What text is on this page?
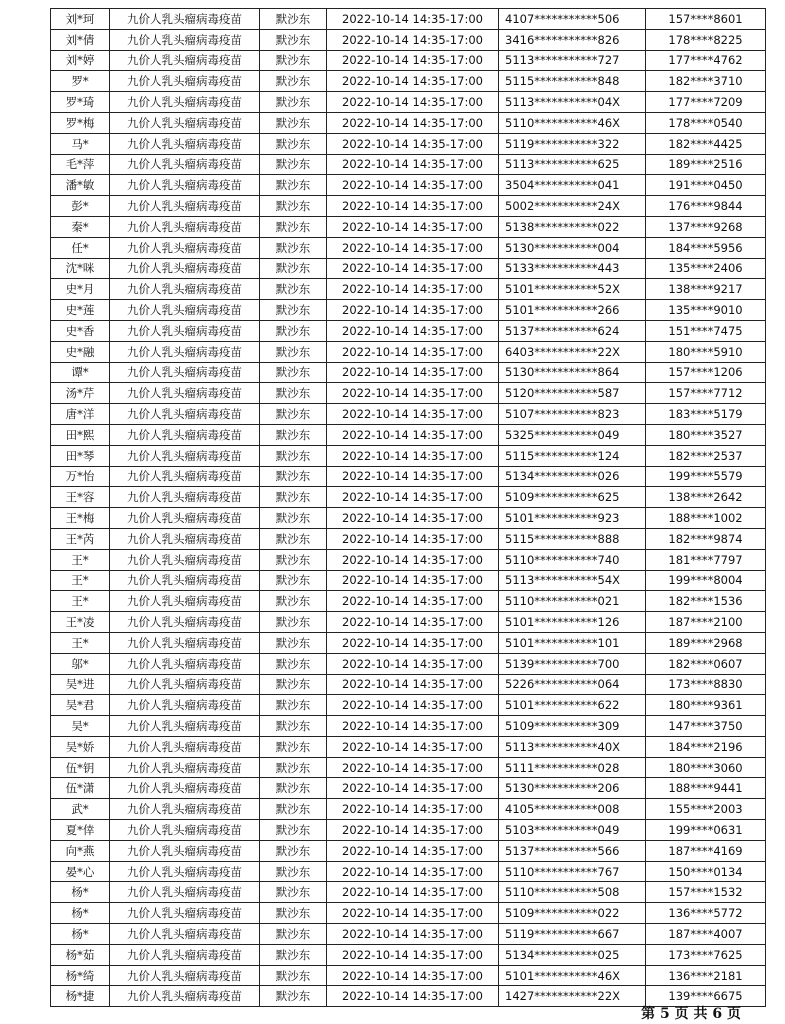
刘*珂	九价人乳头瘤病毒疫苗	默沙东	2022-10-14 14:35-17:00	4107***********506	157****8601
刘*倩	九价人乳头瘤病毒疫苗	默沙东	2022-10-14 14:35-17:00	3416***********826	178****8225
刘*婷	九价人乳头瘤病毒疫苗	默沙东	2022-10-14 14:35-17:00	5113***********727	177****4762
罗*	九价人乳头瘤病毒疫苗	默沙东	2022-10-14 14:35-17:00	5115***********848	182****3710
罗*琦	九价人乳头瘤病毒疫苗	默沙东	2022-10-14 14:35-17:00	5113***********04X	177****7209
罗*梅	九价人乳头瘤病毒疫苗	默沙东	2022-10-14 14:35-17:00	5110***********46X	178****0540
马*	九价人乳头瘤病毒疫苗	默沙东	2022-10-14 14:35-17:00	5119***********322	182****4425
毛*萍	九价人乳头瘤病毒疫苗	默沙东	2022-10-14 14:35-17:00	5113***********625	189****2516
潘*敏	九价人乳头瘤病毒疫苗	默沙东	2022-10-14 14:35-17:00	3504***********041	191****0450
彭*	九价人乳头瘤病毒疫苗	默沙东	2022-10-14 14:35-17:00	5002***********24X	176****9844
秦*	九价人乳头瘤病毒疫苗	默沙东	2022-10-14 14:35-17:00	5138***********022	137****9268
任*	九价人乳头瘤病毒疫苗	默沙东	2022-10-14 14:35-17:00	5130***********004	184****5956
沈*咪	九价人乳头瘤病毒疫苗	默沙东	2022-10-14 14:35-17:00	5133***********443	135****2406
史*月	九价人乳头瘤病毒疫苗	默沙东	2022-10-14 14:35-17:00	5101***********52X	138****9217
史*莲	九价人乳头瘤病毒疫苗	默沙东	2022-10-14 14:35-17:00	5101***********266	135****9010
史*香	九价人乳头瘤病毒疫苗	默沙东	2022-10-14 14:35-17:00	5137***********624	151****7475
史*融	九价人乳头瘤病毒疫苗	默沙东	2022-10-14 14:35-17:00	6403***********22X	180****5910
谭*	九价人乳头瘤病毒疫苗	默沙东	2022-10-14 14:35-17:00	5130***********864	157****1206
汤*芹	九价人乳头瘤病毒疫苗	默沙东	2022-10-14 14:35-17:00	5120***********587	157****7712
唐*洋	九价人乳头瘤病毒疫苗	默沙东	2022-10-14 14:35-17:00	5107***********823	183****5179
田*熙	九价人乳头瘤病毒疫苗	默沙东	2022-10-14 14:35-17:00	5325***********049	180****3527
田*琴	九价人乳头瘤病毒疫苗	默沙东	2022-10-14 14:35-17:00	5115***********124	182****2537
万*怡	九价人乳头瘤病毒疫苗	默沙东	2022-10-14 14:35-17:00	5134***********026	199****5579
王*容	九价人乳头瘤病毒疫苗	默沙东	2022-10-14 14:35-17:00	5109***********625	138****2642
王*梅	九价人乳头瘤病毒疫苗	默沙东	2022-10-14 14:35-17:00	5101***********923	188****1002
王*芮	九价人乳头瘤病毒疫苗	默沙东	2022-10-14 14:35-17:00	5115***********888	182****9874
王*	九价人乳头瘤病毒疫苗	默沙东	2022-10-14 14:35-17:00	5110***********740	181****7797
王*	九价人乳头瘤病毒疫苗	默沙东	2022-10-14 14:35-17:00	5113***********54X	199****8004
王*	九价人乳头瘤病毒疫苗	默沙东	2022-10-14 14:35-17:00	5110***********021	182****1536
王*凌	九价人乳头瘤病毒疫苗	默沙东	2022-10-14 14:35-17:00	5101***********126	187****2100
王*	九价人乳头瘤病毒疫苗	默沙东	2022-10-14 14:35-17:00	5101***********101	189****2968
邬*	九价人乳头瘤病毒疫苗	默沙东	2022-10-14 14:35-17:00	5139***********700	182****0607
吴*进	九价人乳头瘤病毒疫苗	默沙东	2022-10-14 14:35-17:00	5226***********064	173****8830
吴*君	九价人乳头瘤病毒疫苗	默沙东	2022-10-14 14:35-17:00	5101***********622	180****9361
吴*	九价人乳头瘤病毒疫苗	默沙东	2022-10-14 14:35-17:00	5109***********309	147****3750
吴*娇	九价人乳头瘤病毒疫苗	默沙东	2022-10-14 14:35-17:00	5113***********40X	184****2196
伍*钥	九价人乳头瘤病毒疫苗	默沙东	2022-10-14 14:35-17:00	5111***********028	180****3060
伍*潇	九价人乳头瘤病毒疫苗	默沙东	2022-10-14 14:35-17:00	5130***********206	188****9441
武*	九价人乳头瘤病毒疫苗	默沙东	2022-10-14 14:35-17:00	4105***********008	155****2003
夏*倖	九价人乳头瘤病毒疫苗	默沙东	2022-10-14 14:35-17:00	5103***********049	199****0631
向*燕	九价人乳头瘤病毒疫苗	默沙东	2022-10-14 14:35-17:00	5137***********566	187****4169
晏*心	九价人乳头瘤病毒疫苗	默沙东	2022-10-14 14:35-17:00	5110***********767	150****0134
杨*	九价人乳头瘤病毒疫苗	默沙东	2022-10-14 14:35-17:00	5110***********508	157****1532
杨*	九价人乳头瘤病毒疫苗	默沙东	2022-10-14 14:35-17:00	5109***********022	136****5772
杨*	九价人乳头瘤病毒疫苗	默沙东	2022-10-14 14:35-17:00	5119***********667	187****4007
杨*茹	九价人乳头瘤病毒疫苗	默沙东	2022-10-14 14:35-17:00	5134***********025	173****7625
杨*绮	九价人乳头瘤病毒疫苗	默沙东	2022-10-14 14:35-17:00	5101***********46X	136****2181
杨*捷	九价人乳头瘤病毒疫苗	默沙东	2022-10-14 14:35-17:00	1427***********22X	139****6675
第 5 页 共 6 页
